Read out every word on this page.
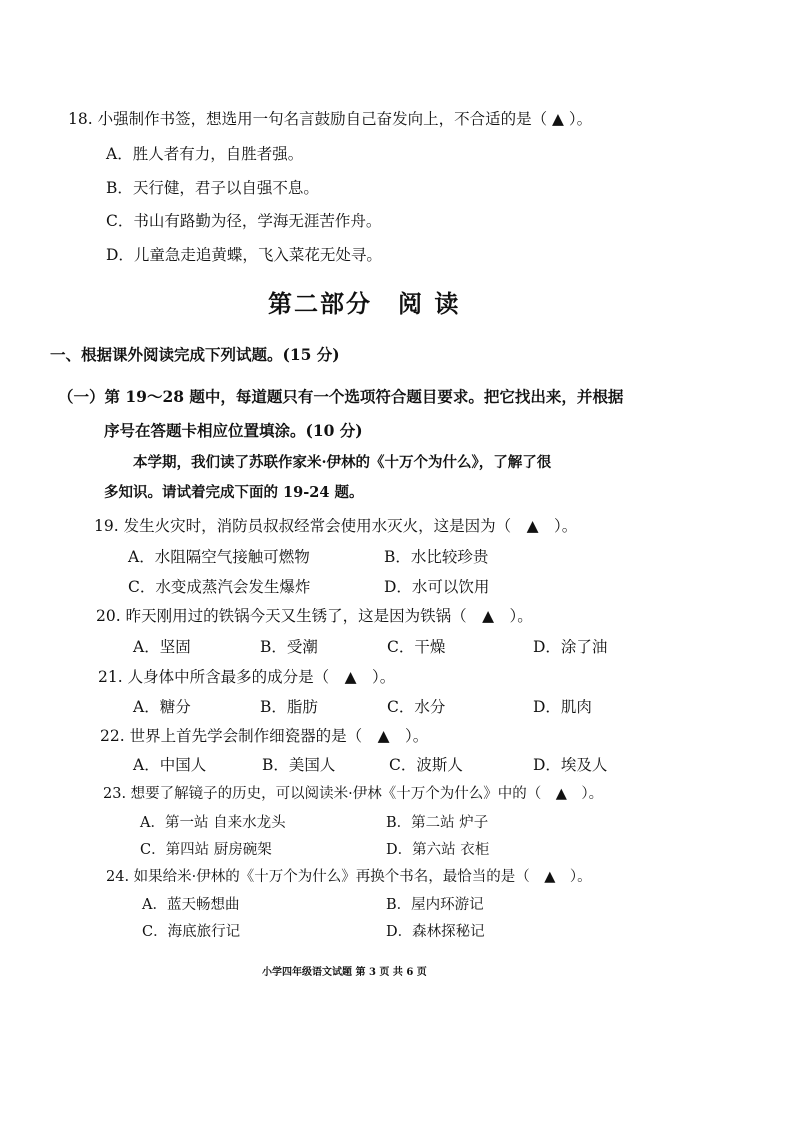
18. 小强制作书签，想选用一句名言鼓励自己奋发向上，不合适的是（ ▲ ）。
A．胜人者有力，自胜者强。
B．天行健，君子以自强不息。
C．书山有路勤为径，学海无涯苦作舟。
D．儿童急走追黄蝶，飞入菜花无处寻。
第二部分　阅 读
一、根据课外阅读完成下列试题。(15 分)
（一）第 19～28 题中，每道题只有一个选项符合题目要求。把它找出来，并根据
序号在答题卡相应位置填涂。(10 分)
本学期，我们读了苏联作家米·伊林的《十万个为什么》，了解了很
多知识。请试着完成下面的 19-24 题。
19. 发生火灾时，消防员叔叔经常会使用水灭火，这是因为（　▲　）。
A．水阻隔空气接触可燃物	B．水比较珍贵
C．水变成蒸汽会发生爆炸	D．水可以饮用
20. 昨天刚用过的铁锅今天又生锈了，这是因为铁锅（　▲　）。
A．坚固	B．受潮	C．干燥	D．涂了油
21. 人身体中所含最多的成分是（　▲　）。
A．糖分	B．脂肪	C．水分	D．肌肉
22. 世界上首先学会制作细瓷器的是（　▲　）。
A．中国人	B．美国人	C．波斯人	D．埃及人
23. 想要了解镜子的历史，可以阅读米·伊林《十万个为什么》中的（　▲　）。
A．第一站 自来水龙头	B．第二站 炉子
C．第四站 厨房碗架	D．第六站 衣柜
24. 如果给米·伊林的《十万个为什么》再换个书名，最恰当的是（　▲　）。
A．蓝天畅想曲	B．屋内环游记
C．海底旅行记	D．森林探秘记
小学四年级语文试题 第 3 页 共 6 页
